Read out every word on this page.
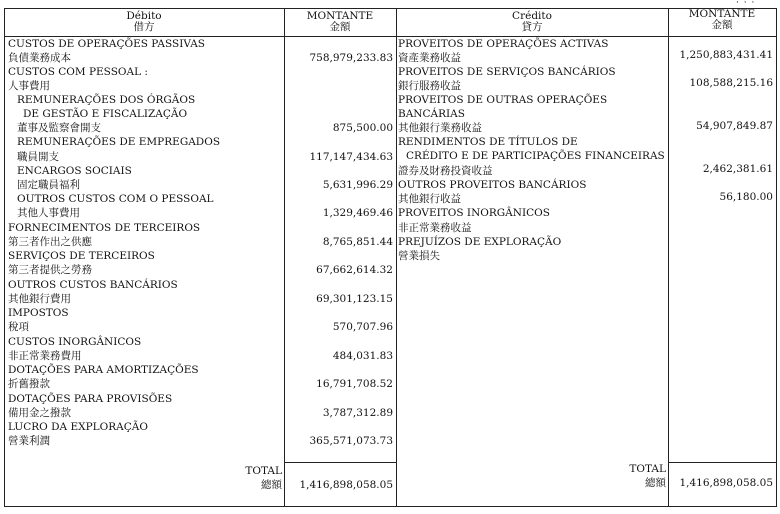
· · ·
Débito
借方
MONTANTE
金額
Crédito
貸方
MONTANTE
金額
CUSTOS DE OPERAÇÕES PASSIVAS
負債業務成本
CUSTOS COM PESSOAL :
人事費用
REMUNERAÇÕES DOS ÓRGÃOS
DE GESTÃO E FISCALIZAÇÃO
董事及監察會開支
REMUNERAÇÕES DE EMPREGADOS
職員開支
ENCARGOS SOCIAIS
固定職員福利
OUTROS CUSTOS COM O PESSOAL
其他人事費用
FORNECIMENTOS DE TERCEIROS
第三者作出之供應
SERVIÇOS DE TERCEIROS
第三者提供之勞務
OUTROS CUSTOS BANCÁRIOS
其他銀行費用
IMPOSTOS
稅項
CUSTOS INORGÂNICOS
非正常業務費用
DOTAÇÕES PARA AMORTIZAÇÕES
折舊撥款
DOTAÇÕES PARA PROVISÕES
備用金之撥款
LUCRO DA EXPLORAÇÃO
營業利潤
758,979,233.83
875,500.00
117,147,434.63
5,631,996.29
1,329,469.46
8,765,851.44
67,662,614.32
69,301,123.15
570,707.96
484,031.83
16,791,708.52
3,787,312.89
365,571,073.73
PROVEITOS DE OPERAÇÕES ACTIVAS
資產業務收益
PROVEITOS DE SERVIÇOS BANCÁRIOS
銀行服務收益
PROVEITOS DE OUTRAS OPERAÇÕES
BANCÁRIAS
其他銀行業務收益
RENDIMENTOS DE TÍTULOS DE
CRÉDITO E DE PARTICIPAÇÕES FINANCEIRAS
證券及財務投資收益
OUTROS PROVEITOS BANCÁRIOS
其他銀行收益
PROVEITOS INORGÂNICOS
非正常業務收益
PREJUÍZOS DE EXPLORAÇÃO
營業損失
1,250,883,431.41
108,588,215.16
54,907,849.87
2,462,381.61
56,180.00
TOTAL
總額 1,416,898,058.05
TOTAL
總額 1,416,898,058.05
